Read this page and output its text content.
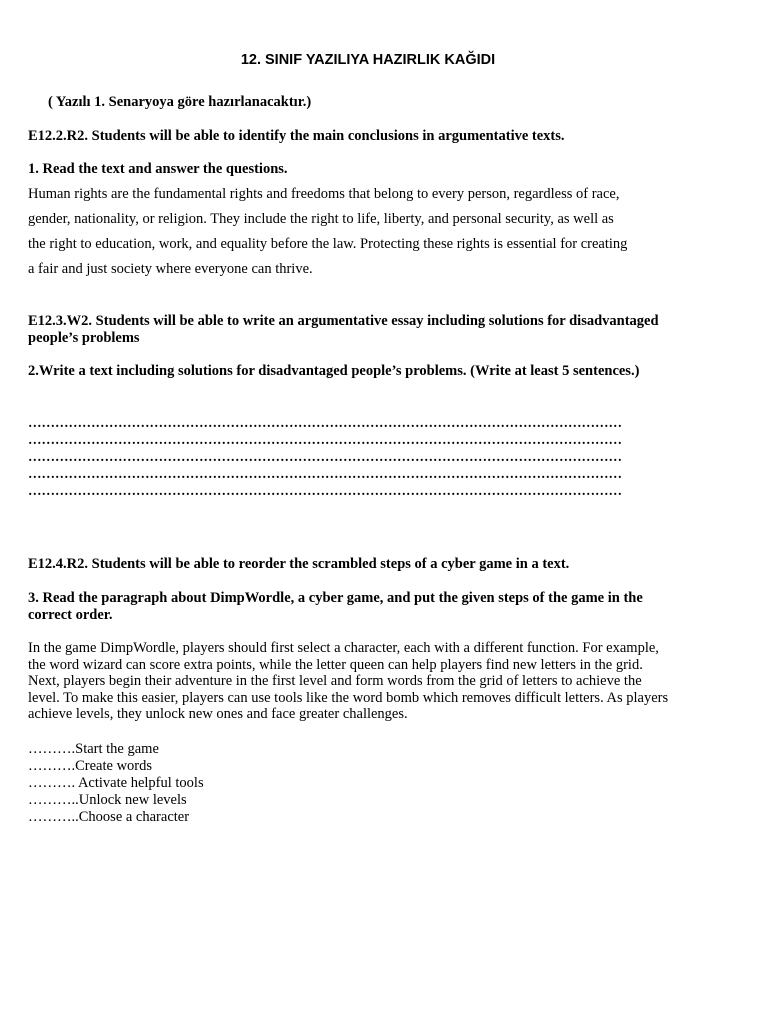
12. SINIF YAZILIYA HAZIRLIK KAĞIDI

( Yazılı 1. Senaryoya göre hazırlanacaktır.)

E12.2.R2. Students will be able to identify the main conclusions in argumentative texts.

1. Read the text and answer the questions.

Human rights are the fundamental rights and freedoms that belong to every person, regardless of race,
gender, nationality, or religion. They include the right to life, liberty, and personal security, as well as
the right to education, work, and equality before the law. Protecting these rights is essential for creating
a fair and just society where everyone can thrive.

E12.3.W2. Students will be able to write an argumentative essay including solutions for disadvantaged people’s problems

2.Write a text including solutions for disadvantaged people’s problems. (Write at least 5 sentences.)

……………………………………………………………………………………………………………………
……………………………………………………………………………………………………………………
……………………………………………………………………………………………………………………
……………………………………………………………………………………………………………………
……………………………………………………………………………………………………………………

E12.4.R2. Students will be able to reorder the scrambled steps of a cyber game in a text.

3. Read the paragraph about DimpWordle, a cyber game, and put the given steps of the game in the correct order.

In the game DimpWordle, players should first select a character, each with a different function. For example, the word wizard can score extra points, while the letter queen can help players find new letters in the grid. Next, players begin their adventure in the first level and form words from the grid of letters to achieve the level. To make this easier, players can use tools like the word bomb which removes difficult letters. As players achieve levels, they unlock new ones and face greater challenges.

……….Start the game
……….Create words
………. Activate helpful tools
………..Unlock new levels
………..Choose a character
